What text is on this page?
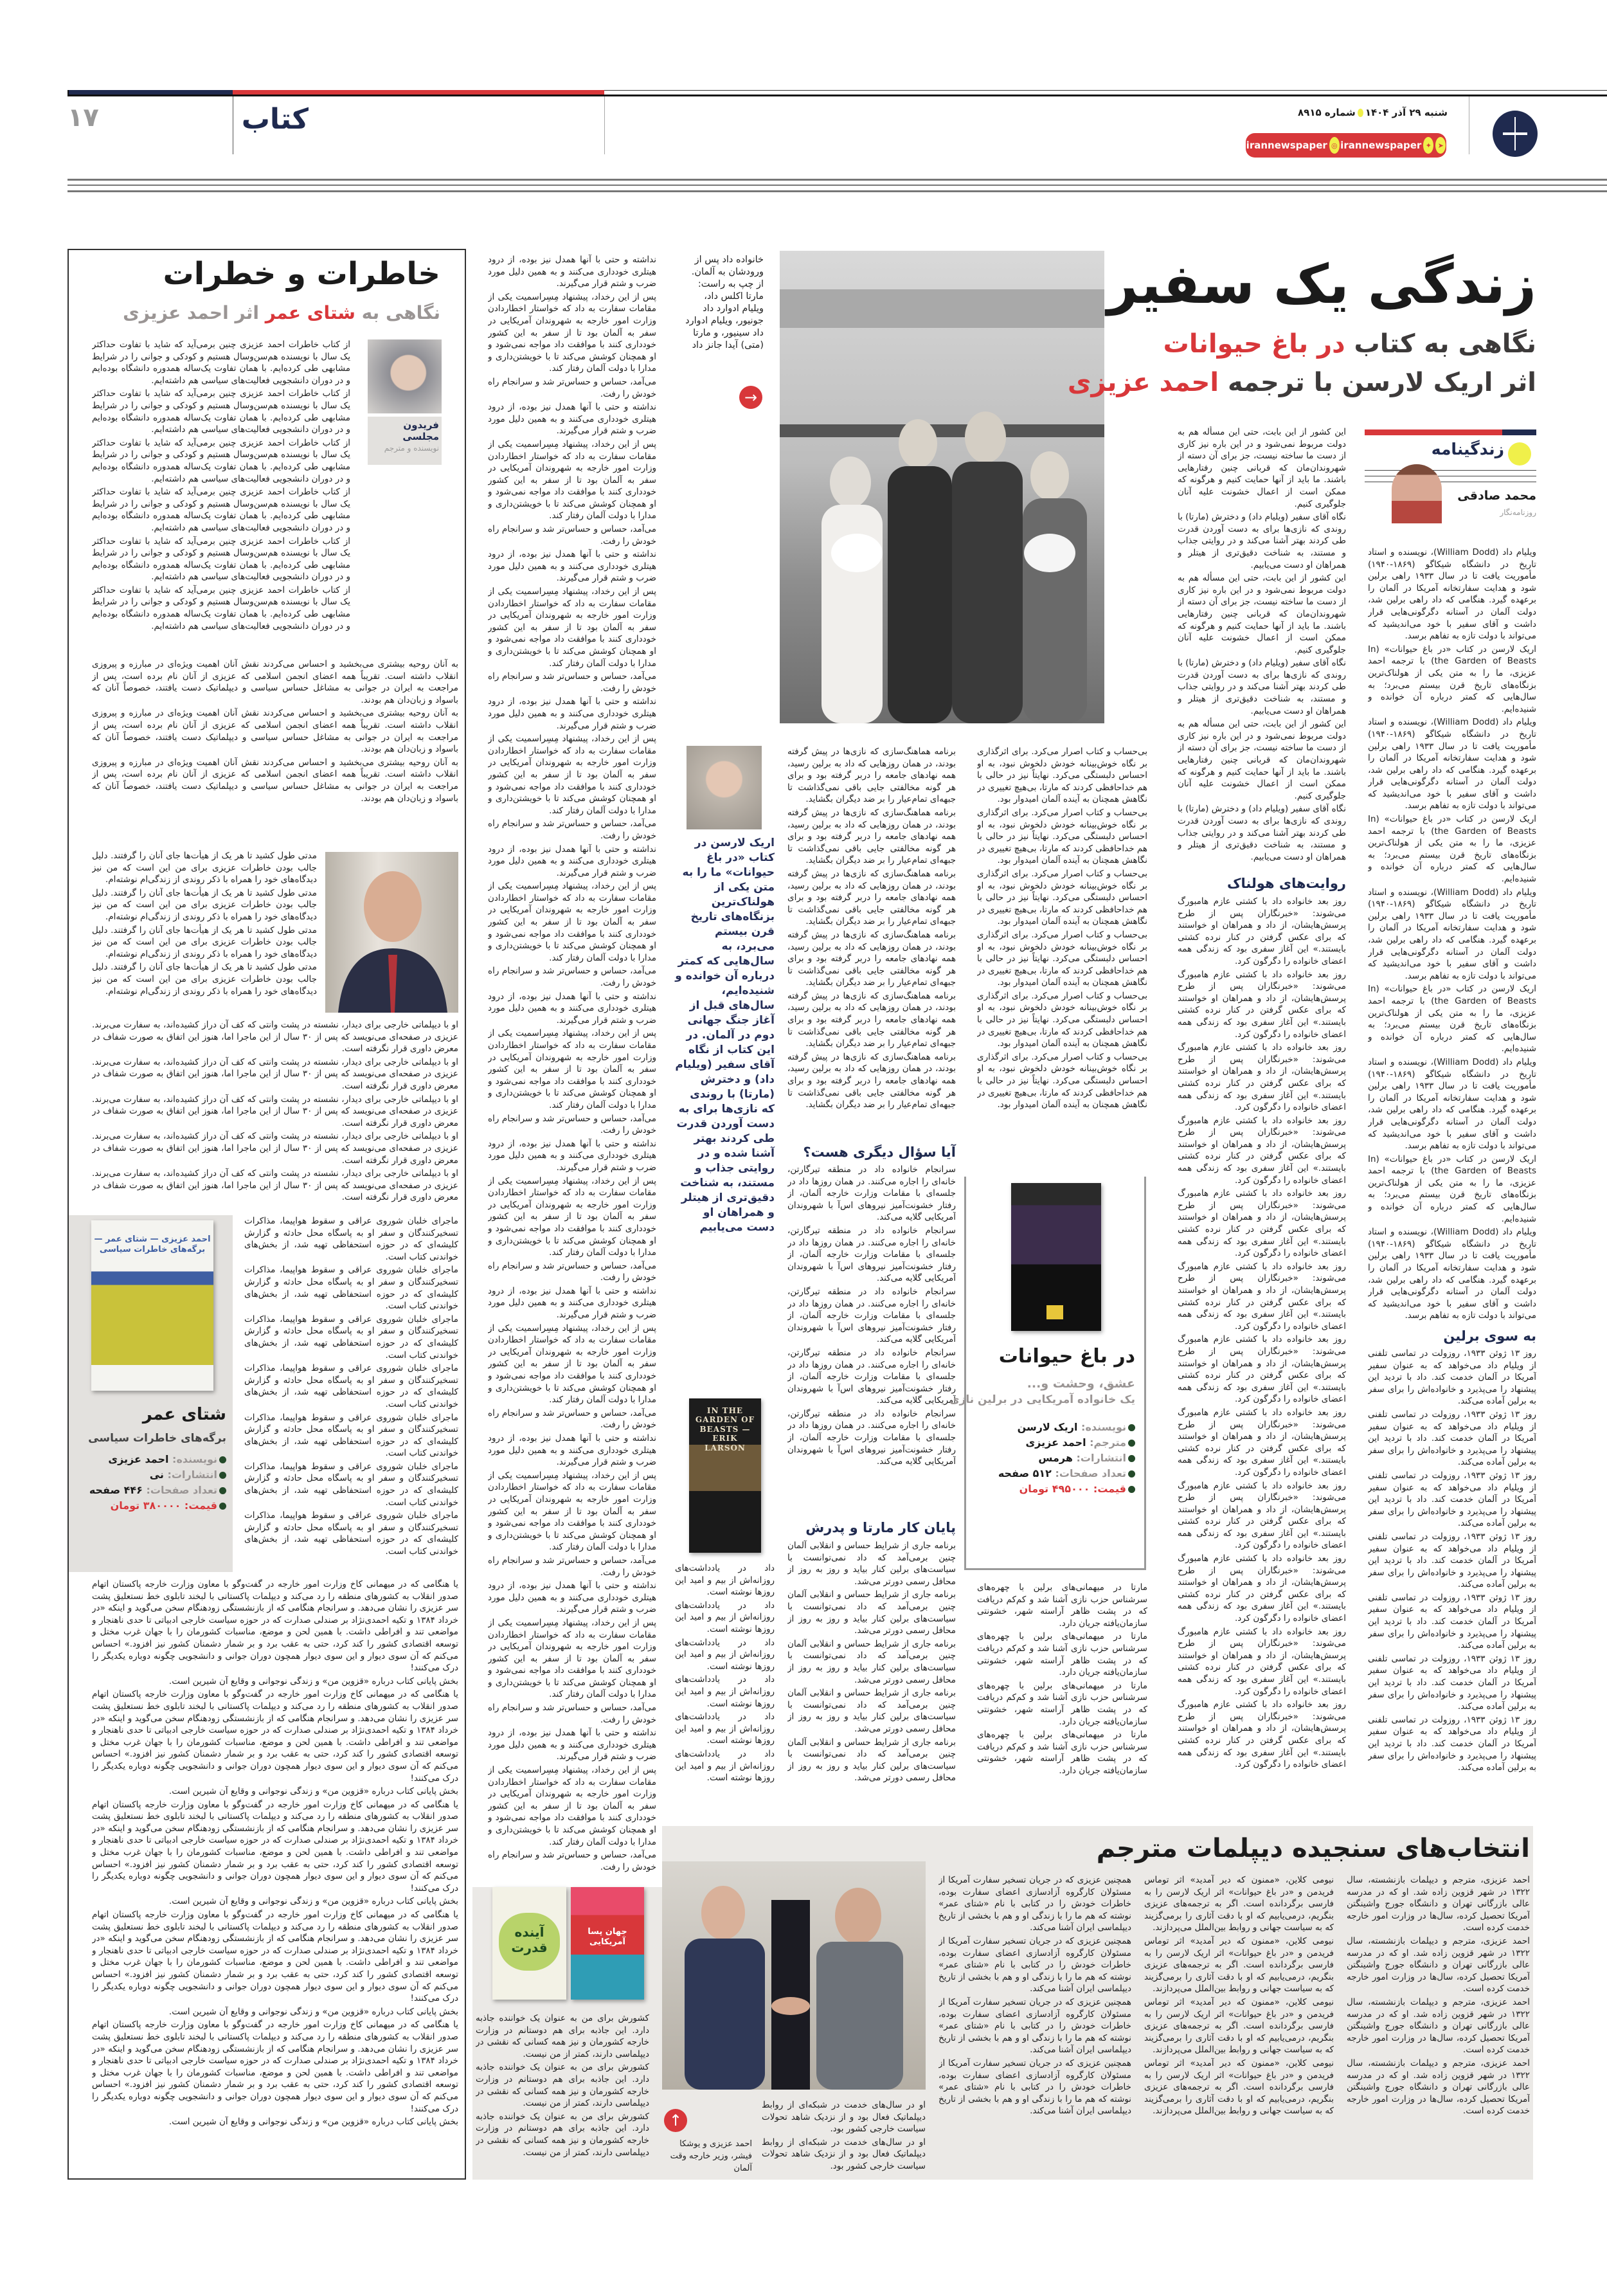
۱۷	کتاب	شنبه ۲۹ آذر ۱۴۰۴شماره ۸۹۱۵
➤
✦
irannewspaper
◎
irannewspaper
زندگی یک سفیر
نگاهی به کتاب در باغ حیوانات
اثر اریک لارسن با ترجمه احمد عزیزی
زندگینامه
محمد صادقی
روزنامه‌نگار

ویلیام داد (William Dodd)، نویسنده و استاد تاریخ در دانشگاه شیکاگو (۱۸۶۹-۱۹۴۰) مأموریت یافت تا در سال ۱۹۳۳ راهی برلین شود و هدایت سفارتخانه آمریکا در آلمان را برعهده گیرد. هنگامی که داد راهی برلین شد، دولت آلمان در آستانه دگرگونی‌هایی قرار داشت و آقای سفیر با خود می‌اندیشید که می‌تواند با دولت تازه به تفاهم برسد.

اریک لارسن در کتاب «در باغ حیوانات» (In the Garden of Beasts) با ترجمه احمد عزیزی، ما را به متن یکی از هولناک‌ترین بزنگاه‌های تاریخ قرن بیستم می‌برد؛ به سال‌هایی که کمتر درباره آن خوانده و شنیده‌ایم.

ویلیام داد (William Dodd)، نویسنده و استاد تاریخ در دانشگاه شیکاگو (۱۸۶۹-۱۹۴۰) مأموریت یافت تا در سال ۱۹۳۳ راهی برلین شود و هدایت سفارتخانه آمریکا در آلمان را برعهده گیرد. هنگامی که داد راهی برلین شد، دولت آلمان در آستانه دگرگونی‌هایی قرار داشت و آقای سفیر با خود می‌اندیشید که می‌تواند با دولت تازه به تفاهم برسد.

اریک لارسن در کتاب «در باغ حیوانات» (In the Garden of Beasts) با ترجمه احمد عزیزی، ما را به متن یکی از هولناک‌ترین بزنگاه‌های تاریخ قرن بیستم می‌برد؛ به سال‌هایی که کمتر درباره آن خوانده و شنیده‌ایم.

ویلیام داد (William Dodd)، نویسنده و استاد تاریخ در دانشگاه شیکاگو (۱۸۶۹-۱۹۴۰) مأموریت یافت تا در سال ۱۹۳۳ راهی برلین شود و هدایت سفارتخانه آمریکا در آلمان را برعهده گیرد. هنگامی که داد راهی برلین شد، دولت آلمان در آستانه دگرگونی‌هایی قرار داشت و آقای سفیر با خود می‌اندیشید که می‌تواند با دولت تازه به تفاهم برسد.

اریک لارسن در کتاب «در باغ حیوانات» (In the Garden of Beasts) با ترجمه احمد عزیزی، ما را به متن یکی از هولناک‌ترین بزنگاه‌های تاریخ قرن بیستم می‌برد؛ به سال‌هایی که کمتر درباره آن خوانده و شنیده‌ایم.

ویلیام داد (William Dodd)، نویسنده و استاد تاریخ در دانشگاه شیکاگو (۱۸۶۹-۱۹۴۰) مأموریت یافت تا در سال ۱۹۳۳ راهی برلین شود و هدایت سفارتخانه آمریکا در آلمان را برعهده گیرد. هنگامی که داد راهی برلین شد، دولت آلمان در آستانه دگرگونی‌هایی قرار داشت و آقای سفیر با خود می‌اندیشید که می‌تواند با دولت تازه به تفاهم برسد.

اریک لارسن در کتاب «در باغ حیوانات» (In the Garden of Beasts) با ترجمه احمد عزیزی، ما را به متن یکی از هولناک‌ترین بزنگاه‌های تاریخ قرن بیستم می‌برد؛ به سال‌هایی که کمتر درباره آن خوانده و شنیده‌ایم.

ویلیام داد (William Dodd)، نویسنده و استاد تاریخ در دانشگاه شیکاگو (۱۸۶۹-۱۹۴۰) مأموریت یافت تا در سال ۱۹۳۳ راهی برلین شود و هدایت سفارتخانه آمریکا در آلمان را برعهده گیرد. هنگامی که داد راهی برلین شد، دولت آلمان در آستانه دگرگونی‌هایی قرار داشت و آقای سفیر با خود می‌اندیشید که می‌تواند با دولت تازه به تفاهم برسد.

به سوی برلین

روز ۱۳ ژوئن ۱۹۳۳، روزولت در تماسی تلفنی از ویلیام داد می‌خواهد که به عنوان سفیر آمریکا در آلمان خدمت کند. داد با تردید این پیشنهاد را می‌پذیرد و خانواده‌اش را برای سفر به برلین آماده می‌کند.

روز ۱۳ ژوئن ۱۹۳۳، روزولت در تماسی تلفنی از ویلیام داد می‌خواهد که به عنوان سفیر آمریکا در آلمان خدمت کند. داد با تردید این پیشنهاد را می‌پذیرد و خانواده‌اش را برای سفر به برلین آماده می‌کند.

روز ۱۳ ژوئن ۱۹۳۳، روزولت در تماسی تلفنی از ویلیام داد می‌خواهد که به عنوان سفیر آمریکا در آلمان خدمت کند. داد با تردید این پیشنهاد را می‌پذیرد و خانواده‌اش را برای سفر به برلین آماده می‌کند.

روز ۱۳ ژوئن ۱۹۳۳، روزولت در تماسی تلفنی از ویلیام داد می‌خواهد که به عنوان سفیر آمریکا در آلمان خدمت کند. داد با تردید این پیشنهاد را می‌پذیرد و خانواده‌اش را برای سفر به برلین آماده می‌کند.

روز ۱۳ ژوئن ۱۹۳۳، روزولت در تماسی تلفنی از ویلیام داد می‌خواهد که به عنوان سفیر آمریکا در آلمان خدمت کند. داد با تردید این پیشنهاد را می‌پذیرد و خانواده‌اش را برای سفر به برلین آماده می‌کند.

روز ۱۳ ژوئن ۱۹۳۳، روزولت در تماسی تلفنی از ویلیام داد می‌خواهد که به عنوان سفیر آمریکا در آلمان خدمت کند. داد با تردید این پیشنهاد را می‌پذیرد و خانواده‌اش را برای سفر به برلین آماده می‌کند.

روز ۱۳ ژوئن ۱۹۳۳، روزولت در تماسی تلفنی از ویلیام داد می‌خواهد که به عنوان سفیر آمریکا در آلمان خدمت کند. داد با تردید این پیشنهاد را می‌پذیرد و خانواده‌اش را برای سفر به برلین آماده می‌کند.

این کشور از این بابت، حتی این مسأله هم به دولت مربوط نمی‌شود و در این باره نیز کاری از دست ما ساخته نیست، جز برای آن دسته از شهروندان‌مان که قربانی چنین رفتارهایی باشند. ما باید از آنها حمایت کنیم و هرگونه که ممکن است از اعمال خشونت علیه آنان جلوگیری کنیم.

نگاه آقای سفیر (ویلیام داد) و دخترش (مارتا) با روندی که نازی‌ها برای به دست آوردن قدرت طی کردند بهتر آشنا می‌کند و در روایتی جذاب و مستند، به شناخت دقیق‌تری از هیتلر و همراهان او دست می‌یابیم.

این کشور از این بابت، حتی این مسأله هم به دولت مربوط نمی‌شود و در این باره نیز کاری از دست ما ساخته نیست، جز برای آن دسته از شهروندان‌مان که قربانی چنین رفتارهایی باشند. ما باید از آنها حمایت کنیم و هرگونه که ممکن است از اعمال خشونت علیه آنان جلوگیری کنیم.

نگاه آقای سفیر (ویلیام داد) و دخترش (مارتا) با روندی که نازی‌ها برای به دست آوردن قدرت طی کردند بهتر آشنا می‌کند و در روایتی جذاب و مستند، به شناخت دقیق‌تری از هیتلر و همراهان او دست می‌یابیم.

این کشور از این بابت، حتی این مسأله هم به دولت مربوط نمی‌شود و در این باره نیز کاری از دست ما ساخته نیست، جز برای آن دسته از شهروندان‌مان که قربانی چنین رفتارهایی باشند. ما باید از آنها حمایت کنیم و هرگونه که ممکن است از اعمال خشونت علیه آنان جلوگیری کنیم.

نگاه آقای سفیر (ویلیام داد) و دخترش (مارتا) با روندی که نازی‌ها برای به دست آوردن قدرت طی کردند بهتر آشنا می‌کند و در روایتی جذاب و مستند، به شناخت دقیق‌تری از هیتلر و همراهان او دست می‌یابیم.

روایت‌های هولناک

روز بعد خانواده داد با کشتی عازم هامبورگ می‌شوند: «خبرنگاران پس از طرح پرسش‌هایشان، از داد و همراهان او خواستند که برای عکس گرفتن در کنار نرده کشتی بایستند.» این آغاز سفری بود که زندگی همه اعضای خانواده را دگرگون کرد.

روز بعد خانواده داد با کشتی عازم هامبورگ می‌شوند: «خبرنگاران پس از طرح پرسش‌هایشان، از داد و همراهان او خواستند که برای عکس گرفتن در کنار نرده کشتی بایستند.» این آغاز سفری بود که زندگی همه اعضای خانواده را دگرگون کرد.

روز بعد خانواده داد با کشتی عازم هامبورگ می‌شوند: «خبرنگاران پس از طرح پرسش‌هایشان، از داد و همراهان او خواستند که برای عکس گرفتن در کنار نرده کشتی بایستند.» این آغاز سفری بود که زندگی همه اعضای خانواده را دگرگون کرد.

روز بعد خانواده داد با کشتی عازم هامبورگ می‌شوند: «خبرنگاران پس از طرح پرسش‌هایشان، از داد و همراهان او خواستند که برای عکس گرفتن در کنار نرده کشتی بایستند.» این آغاز سفری بود که زندگی همه اعضای خانواده را دگرگون کرد.

روز بعد خانواده داد با کشتی عازم هامبورگ می‌شوند: «خبرنگاران پس از طرح پرسش‌هایشان، از داد و همراهان او خواستند که برای عکس گرفتن در کنار نرده کشتی بایستند.» این آغاز سفری بود که زندگی همه اعضای خانواده را دگرگون کرد.

روز بعد خانواده داد با کشتی عازم هامبورگ می‌شوند: «خبرنگاران پس از طرح پرسش‌هایشان، از داد و همراهان او خواستند که برای عکس گرفتن در کنار نرده کشتی بایستند.» این آغاز سفری بود که زندگی همه اعضای خانواده را دگرگون کرد.

روز بعد خانواده داد با کشتی عازم هامبورگ می‌شوند: «خبرنگاران پس از طرح پرسش‌هایشان، از داد و همراهان او خواستند که برای عکس گرفتن در کنار نرده کشتی بایستند.» این آغاز سفری بود که زندگی همه اعضای خانواده را دگرگون کرد.

روز بعد خانواده داد با کشتی عازم هامبورگ می‌شوند: «خبرنگاران پس از طرح پرسش‌هایشان، از داد و همراهان او خواستند که برای عکس گرفتن در کنار نرده کشتی بایستند.» این آغاز سفری بود که زندگی همه اعضای خانواده را دگرگون کرد.

روز بعد خانواده داد با کشتی عازم هامبورگ می‌شوند: «خبرنگاران پس از طرح پرسش‌هایشان، از داد و همراهان او خواستند که برای عکس گرفتن در کنار نرده کشتی بایستند.» این آغاز سفری بود که زندگی همه اعضای خانواده را دگرگون کرد.

روز بعد خانواده داد با کشتی عازم هامبورگ می‌شوند: «خبرنگاران پس از طرح پرسش‌هایشان، از داد و همراهان او خواستند که برای عکس گرفتن در کنار نرده کشتی بایستند.» این آغاز سفری بود که زندگی همه اعضای خانواده را دگرگون کرد.

روز بعد خانواده داد با کشتی عازم هامبورگ می‌شوند: «خبرنگاران پس از طرح پرسش‌هایشان، از داد و همراهان او خواستند که برای عکس گرفتن در کنار نرده کشتی بایستند.» این آغاز سفری بود که زندگی همه اعضای خانواده را دگرگون کرد.

روز بعد خانواده داد با کشتی عازم هامبورگ می‌شوند: «خبرنگاران پس از طرح پرسش‌هایشان، از داد و همراهان او خواستند که برای عکس گرفتن در کنار نرده کشتی بایستند.» این آغاز سفری بود که زندگی همه اعضای خانواده را دگرگون کرد.

بی‌حساب و کتاب اصرار می‌کرد. برای اثرگذاری بر نگاه خوش‌بینانه خودش دلخوش نبود، به او احساس دلبستگی می‌کرد. نهایتاً نیز در حالی با هم خداحافظی کردند که مارتا، بی‌هیچ تغییری در نگاهش همچنان به آینده آلمان امیدوار بود.

بی‌حساب و کتاب اصرار می‌کرد. برای اثرگذاری بر نگاه خوش‌بینانه خودش دلخوش نبود، به او احساس دلبستگی می‌کرد. نهایتاً نیز در حالی با هم خداحافظی کردند که مارتا، بی‌هیچ تغییری در نگاهش همچنان به آینده آلمان امیدوار بود.

بی‌حساب و کتاب اصرار می‌کرد. برای اثرگذاری بر نگاه خوش‌بینانه خودش دلخوش نبود، به او احساس دلبستگی می‌کرد. نهایتاً نیز در حالی با هم خداحافظی کردند که مارتا، بی‌هیچ تغییری در نگاهش همچنان به آینده آلمان امیدوار بود.

بی‌حساب و کتاب اصرار می‌کرد. برای اثرگذاری بر نگاه خوش‌بینانه خودش دلخوش نبود، به او احساس دلبستگی می‌کرد. نهایتاً نیز در حالی با هم خداحافظی کردند که مارتا، بی‌هیچ تغییری در نگاهش همچنان به آینده آلمان امیدوار بود.

بی‌حساب و کتاب اصرار می‌کرد. برای اثرگذاری بر نگاه خوش‌بینانه خودش دلخوش نبود، به او احساس دلبستگی می‌کرد. نهایتاً نیز در حالی با هم خداحافظی کردند که مارتا، بی‌هیچ تغییری در نگاهش همچنان به آینده آلمان امیدوار بود.

بی‌حساب و کتاب اصرار می‌کرد. برای اثرگذاری بر نگاه خوش‌بینانه خودش دلخوش نبود، به او احساس دلبستگی می‌کرد. نهایتاً نیز در حالی با هم خداحافظی کردند که مارتا، بی‌هیچ تغییری در نگاهش همچنان به آینده آلمان امیدوار بود.

مارتا در میهمانی‌های برلین با چهره‌های سرشناس حزب نازی آشنا شد و کم‌کم دریافت که در پشت ظاهر آراسته شهر، خشونتی سازمان‌یافته جریان دارد.

مارتا در میهمانی‌های برلین با چهره‌های سرشناس حزب نازی آشنا شد و کم‌کم دریافت که در پشت ظاهر آراسته شهر، خشونتی سازمان‌یافته جریان دارد.

مارتا در میهمانی‌های برلین با چهره‌های سرشناس حزب نازی آشنا شد و کم‌کم دریافت که در پشت ظاهر آراسته شهر، خشونتی سازمان‌یافته جریان دارد.

مارتا در میهمانی‌های برلین با چهره‌های سرشناس حزب نازی آشنا شد و کم‌کم دریافت که در پشت ظاهر آراسته شهر، خشونتی سازمان‌یافته جریان دارد.

برنامه هماهنگ‌سازی که نازی‌ها در پیش گرفته بودند، در همان روزهایی که داد به برلین رسید، همه نهادهای جامعه را دربر گرفته بود و برای هر گونه مخالفتی جایی باقی نمی‌گذاشت تا جبهه‌ای تمام‌عیار را بر ضد دیگران بگشاید.

برنامه هماهنگ‌سازی که نازی‌ها در پیش گرفته بودند، در همان روزهایی که داد به برلین رسید، همه نهادهای جامعه را دربر گرفته بود و برای هر گونه مخالفتی جایی باقی نمی‌گذاشت تا جبهه‌ای تمام‌عیار را بر ضد دیگران بگشاید.

برنامه هماهنگ‌سازی که نازی‌ها در پیش گرفته بودند، در همان روزهایی که داد به برلین رسید، همه نهادهای جامعه را دربر گرفته بود و برای هر گونه مخالفتی جایی باقی نمی‌گذاشت تا جبهه‌ای تمام‌عیار را بر ضد دیگران بگشاید.

برنامه هماهنگ‌سازی که نازی‌ها در پیش گرفته بودند، در همان روزهایی که داد به برلین رسید، همه نهادهای جامعه را دربر گرفته بود و برای هر گونه مخالفتی جایی باقی نمی‌گذاشت تا جبهه‌ای تمام‌عیار را بر ضد دیگران بگشاید.

برنامه هماهنگ‌سازی که نازی‌ها در پیش گرفته بودند، در همان روزهایی که داد به برلین رسید، همه نهادهای جامعه را دربر گرفته بود و برای هر گونه مخالفتی جایی باقی نمی‌گذاشت تا جبهه‌ای تمام‌عیار را بر ضد دیگران بگشاید.

برنامه هماهنگ‌سازی که نازی‌ها در پیش گرفته بودند، در همان روزهایی که داد به برلین رسید، همه نهادهای جامعه را دربر گرفته بود و برای هر گونه مخالفتی جایی باقی نمی‌گذاشت تا جبهه‌ای تمام‌عیار را بر ضد دیگران بگشاید.

آیا سؤال دیگری هست؟

سرانجام خانواده داد در منطقه تیرگارتن، خانه‌ای را اجاره می‌کنند. در همان روزها داد در جلسه‌ای با مقامات وزارت خارجه آلمان، از رفتار خشونت‌آمیز نیروهای اس‌آ با شهروندان آمریکایی گلایه می‌کند.

سرانجام خانواده داد در منطقه تیرگارتن، خانه‌ای را اجاره می‌کنند. در همان روزها داد در جلسه‌ای با مقامات وزارت خارجه آلمان، از رفتار خشونت‌آمیز نیروهای اس‌آ با شهروندان آمریکایی گلایه می‌کند.

سرانجام خانواده داد در منطقه تیرگارتن، خانه‌ای را اجاره می‌کنند. در همان روزها داد در جلسه‌ای با مقامات وزارت خارجه آلمان، از رفتار خشونت‌آمیز نیروهای اس‌آ با شهروندان آمریکایی گلایه می‌کند.

سرانجام خانواده داد در منطقه تیرگارتن، خانه‌ای را اجاره می‌کنند. در همان روزها داد در جلسه‌ای با مقامات وزارت خارجه آلمان، از رفتار خشونت‌آمیز نیروهای اس‌آ با شهروندان آمریکایی گلایه می‌کند.

سرانجام خانواده داد در منطقه تیرگارتن، خانه‌ای را اجاره می‌کنند. در همان روزها داد در جلسه‌ای با مقامات وزارت خارجه آلمان، از رفتار خشونت‌آمیز نیروهای اس‌آ با شهروندان آمریکایی گلایه می‌کند.

پایان کار مارتا و پدرش

برنامه جاری از شرایط حساس و انقلابی آلمان چنین برمی‌آمد که داد نمی‌توانست با سیاست‌های برلین کنار بیاید و روز به روز از محافل رسمی دورتر می‌شد.

برنامه جاری از شرایط حساس و انقلابی آلمان چنین برمی‌آمد که داد نمی‌توانست با سیاست‌های برلین کنار بیاید و روز به روز از محافل رسمی دورتر می‌شد.

برنامه جاری از شرایط حساس و انقلابی آلمان چنین برمی‌آمد که داد نمی‌توانست با سیاست‌های برلین کنار بیاید و روز به روز از محافل رسمی دورتر می‌شد.

برنامه جاری از شرایط حساس و انقلابی آلمان چنین برمی‌آمد که داد نمی‌توانست با سیاست‌های برلین کنار بیاید و روز به روز از محافل رسمی دورتر می‌شد.

برنامه جاری از شرایط حساس و انقلابی آلمان چنین برمی‌آمد که داد نمی‌توانست با سیاست‌های برلین کنار بیاید و روز به روز از محافل رسمی دورتر می‌شد.

نداشته و حتی با آنها همدل نیز بوده، از درود هیتلری خودداری می‌کنند و به همین دلیل مورد ضرب و شتم قرار می‌گیرند.

پس از این رخداد، پیشنهاد مِسِراسمیت یکی از مقامات سفارت به داد که خواستار اخطاردادن وزارت امور خارجه به شهروندان آمریکایی در سفر به آلمان بود تا از سفر به این کشور خودداری کنند با موافقت داد مواجه نمی‌شود و او همچنان کوشش می‌کند تا با خویشتن‌داری و مدارا با دولت آلمان رفتار کند.

می‌آمد، حساس و حساس‌تر شد و سرانجام راه خودش را رفت.

نداشته و حتی با آنها همدل نیز بوده، از درود هیتلری خودداری می‌کنند و به همین دلیل مورد ضرب و شتم قرار می‌گیرند.

پس از این رخداد، پیشنهاد مِسِراسمیت یکی از مقامات سفارت به داد که خواستار اخطاردادن وزارت امور خارجه به شهروندان آمریکایی در سفر به آلمان بود تا از سفر به این کشور خودداری کنند با موافقت داد مواجه نمی‌شود و او همچنان کوشش می‌کند تا با خویشتن‌داری و مدارا با دولت آلمان رفتار کند.

می‌آمد، حساس و حساس‌تر شد و سرانجام راه خودش را رفت.

نداشته و حتی با آنها همدل نیز بوده، از درود هیتلری خودداری می‌کنند و به همین دلیل مورد ضرب و شتم قرار می‌گیرند.

پس از این رخداد، پیشنهاد مِسِراسمیت یکی از مقامات سفارت به داد که خواستار اخطاردادن وزارت امور خارجه به شهروندان آمریکایی در سفر به آلمان بود تا از سفر به این کشور خودداری کنند با موافقت داد مواجه نمی‌شود و او همچنان کوشش می‌کند تا با خویشتن‌داری و مدارا با دولت آلمان رفتار کند.

می‌آمد، حساس و حساس‌تر شد و سرانجام راه خودش را رفت.

نداشته و حتی با آنها همدل نیز بوده، از درود هیتلری خودداری می‌کنند و به همین دلیل مورد ضرب و شتم قرار می‌گیرند.

پس از این رخداد، پیشنهاد مِسِراسمیت یکی از مقامات سفارت به داد که خواستار اخطاردادن وزارت امور خارجه به شهروندان آمریکایی در سفر به آلمان بود تا از سفر به این کشور خودداری کنند با موافقت داد مواجه نمی‌شود و او همچنان کوشش می‌کند تا با خویشتن‌داری و مدارا با دولت آلمان رفتار کند.

می‌آمد، حساس و حساس‌تر شد و سرانجام راه خودش را رفت.

نداشته و حتی با آنها همدل نیز بوده، از درود هیتلری خودداری می‌کنند و به همین دلیل مورد ضرب و شتم قرار می‌گیرند.

پس از این رخداد، پیشنهاد مِسِراسمیت یکی از مقامات سفارت به داد که خواستار اخطاردادن وزارت امور خارجه به شهروندان آمریکایی در سفر به آلمان بود تا از سفر به این کشور خودداری کنند با موافقت داد مواجه نمی‌شود و او همچنان کوشش می‌کند تا با خویشتن‌داری و مدارا با دولت آلمان رفتار کند.

می‌آمد، حساس و حساس‌تر شد و سرانجام راه خودش را رفت.

نداشته و حتی با آنها همدل نیز بوده، از درود هیتلری خودداری می‌کنند و به همین دلیل مورد ضرب و شتم قرار می‌گیرند.

پس از این رخداد، پیشنهاد مِسِراسمیت یکی از مقامات سفارت به داد که خواستار اخطاردادن وزارت امور خارجه به شهروندان آمریکایی در سفر به آلمان بود تا از سفر به این کشور خودداری کنند با موافقت داد مواجه نمی‌شود و او همچنان کوشش می‌کند تا با خویشتن‌داری و مدارا با دولت آلمان رفتار کند.

می‌آمد، حساس و حساس‌تر شد و سرانجام راه خودش را رفت.

نداشته و حتی با آنها همدل نیز بوده، از درود هیتلری خودداری می‌کنند و به همین دلیل مورد ضرب و شتم قرار می‌گیرند.

پس از این رخداد، پیشنهاد مِسِراسمیت یکی از مقامات سفارت به داد که خواستار اخطاردادن وزارت امور خارجه به شهروندان آمریکایی در سفر به آلمان بود تا از سفر به این کشور خودداری کنند با موافقت داد مواجه نمی‌شود و او همچنان کوشش می‌کند تا با خویشتن‌داری و مدارا با دولت آلمان رفتار کند.

می‌آمد، حساس و حساس‌تر شد و سرانجام راه خودش را رفت.

نداشته و حتی با آنها همدل نیز بوده، از درود هیتلری خودداری می‌کنند و به همین دلیل مورد ضرب و شتم قرار می‌گیرند.

پس از این رخداد، پیشنهاد مِسِراسمیت یکی از مقامات سفارت به داد که خواستار اخطاردادن وزارت امور خارجه به شهروندان آمریکایی در سفر به آلمان بود تا از سفر به این کشور خودداری کنند با موافقت داد مواجه نمی‌شود و او همچنان کوشش می‌کند تا با خویشتن‌داری و مدارا با دولت آلمان رفتار کند.

می‌آمد، حساس و حساس‌تر شد و سرانجام راه خودش را رفت.

نداشته و حتی با آنها همدل نیز بوده، از درود هیتلری خودداری می‌کنند و به همین دلیل مورد ضرب و شتم قرار می‌گیرند.

پس از این رخداد، پیشنهاد مِسِراسمیت یکی از مقامات سفارت به داد که خواستار اخطاردادن وزارت امور خارجه به شهروندان آمریکایی در سفر به آلمان بود تا از سفر به این کشور خودداری کنند با موافقت داد مواجه نمی‌شود و او همچنان کوشش می‌کند تا با خویشتن‌داری و مدارا با دولت آلمان رفتار کند.

می‌آمد، حساس و حساس‌تر شد و سرانجام راه خودش را رفت.

نداشته و حتی با آنها همدل نیز بوده، از درود هیتلری خودداری می‌کنند و به همین دلیل مورد ضرب و شتم قرار می‌گیرند.

پس از این رخداد، پیشنهاد مِسِراسمیت یکی از مقامات سفارت به داد که خواستار اخطاردادن وزارت امور خارجه به شهروندان آمریکایی در سفر به آلمان بود تا از سفر به این کشور خودداری کنند با موافقت داد مواجه نمی‌شود و او همچنان کوشش می‌کند تا با خویشتن‌داری و مدارا با دولت آلمان رفتار کند.

می‌آمد، حساس و حساس‌تر شد و سرانجام راه خودش را رفت.

نداشته و حتی با آنها همدل نیز بوده، از درود هیتلری خودداری می‌کنند و به همین دلیل مورد ضرب و شتم قرار می‌گیرند.

پس از این رخداد، پیشنهاد مِسِراسمیت یکی از مقامات سفارت به داد که خواستار اخطاردادن وزارت امور خارجه به شهروندان آمریکایی در سفر به آلمان بود تا از سفر به این کشور خودداری کنند با موافقت داد مواجه نمی‌شود و او همچنان کوشش می‌کند تا با خویشتن‌داری و مدارا با دولت آلمان رفتار کند.

می‌آمد، حساس و حساس‌تر شد و سرانجام راه خودش را رفت.

خانواده داد پس از ورودشان به آلمان. از چپ به راست: مارتا اکلس داد، ویلیام ادوارد داد جونیور، ویلیام ادوارد داد سینیور، و مارتا (متی) آیدا جانز داد
→
اریک لارسن در کتاب «در باغ حیوانات» ما را به متن یکی از هولناک‌ترین بزنگاه‌های تاریخ قرن بیستم می‌برد، به سال‌هایی که کمتر درباره آن خوانده و شنیده‌ایم، سال‌های قبل از آغاز جنگ جهانی دوم در آلمان. در این کتاب از نگاه آقای سفیر (ویلیام داد) و دخترش (مارتا) با روندی که نازی‌ها برای به دست آوردن قدرت طی کردند بهتر آشنا شده و در روایتی جذاب و مستند، به شناخت دقیق‌تری از هیتلر و همراهان او دست می‌یابیم
IN THE GARDEN OF BEASTS — ERIK LARSON

داد در یادداشت‌های روزانه‌اش از بیم و امید این روزها نوشته است.

داد در یادداشت‌های روزانه‌اش از بیم و امید این روزها نوشته است.

داد در یادداشت‌های روزانه‌اش از بیم و امید این روزها نوشته است.

داد در یادداشت‌های روزانه‌اش از بیم و امید این روزها نوشته است.

داد در یادداشت‌های روزانه‌اش از بیم و امید این روزها نوشته است.

داد در یادداشت‌های روزانه‌اش از بیم و امید این روزها نوشته است.

در باغ حیوانات
عشق، وحشت و...
یک خانواده آمریکایی در برلین نازی
نویسنده: اریک لارسن
مترجم: احمد عزیزی
انتشارات: هرمس
تعداد صفحات: ۵۱۲ صفحه
قیمت: ۴۹۵۰۰۰ تومان
خاطرات و خطرات
نگاهی به شتای عمر اثر احمد عزیزی
فریدون مجلسی
نویسنده و مترجم

از کتاب خاطرات احمد عزیزی چنین برمی‌آید که شاید با تفاوت حداکثر یک سال با نویسنده هم‌سن‌وسال هستیم و کودکی و جوانی را در شرایط مشابهی طی کرده‌ایم. با همان تفاوت یک‌ساله همدوره دانشگاه بوده‌ایم و در دوران دانشجویی فعالیت‌های سیاسی هم داشته‌ایم.

از کتاب خاطرات احمد عزیزی چنین برمی‌آید که شاید با تفاوت حداکثر یک سال با نویسنده هم‌سن‌وسال هستیم و کودکی و جوانی را در شرایط مشابهی طی کرده‌ایم. با همان تفاوت یک‌ساله همدوره دانشگاه بوده‌ایم و در دوران دانشجویی فعالیت‌های سیاسی هم داشته‌ایم.

از کتاب خاطرات احمد عزیزی چنین برمی‌آید که شاید با تفاوت حداکثر یک سال با نویسنده هم‌سن‌وسال هستیم و کودکی و جوانی را در شرایط مشابهی طی کرده‌ایم. با همان تفاوت یک‌ساله همدوره دانشگاه بوده‌ایم و در دوران دانشجویی فعالیت‌های سیاسی هم داشته‌ایم.

از کتاب خاطرات احمد عزیزی چنین برمی‌آید که شاید با تفاوت حداکثر یک سال با نویسنده هم‌سن‌وسال هستیم و کودکی و جوانی را در شرایط مشابهی طی کرده‌ایم. با همان تفاوت یک‌ساله همدوره دانشگاه بوده‌ایم و در دوران دانشجویی فعالیت‌های سیاسی هم داشته‌ایم.

از کتاب خاطرات احمد عزیزی چنین برمی‌آید که شاید با تفاوت حداکثر یک سال با نویسنده هم‌سن‌وسال هستیم و کودکی و جوانی را در شرایط مشابهی طی کرده‌ایم. با همان تفاوت یک‌ساله همدوره دانشگاه بوده‌ایم و در دوران دانشجویی فعالیت‌های سیاسی هم داشته‌ایم.

از کتاب خاطرات احمد عزیزی چنین برمی‌آید که شاید با تفاوت حداکثر یک سال با نویسنده هم‌سن‌وسال هستیم و کودکی و جوانی را در شرایط مشابهی طی کرده‌ایم. با همان تفاوت یک‌ساله همدوره دانشگاه بوده‌ایم و در دوران دانشجویی فعالیت‌های سیاسی هم داشته‌ایم.

به آنان روحیه بیشتری می‌بخشید و احساس می‌کردند نقش آنان اهمیت ویژه‌ای در مبارزه و پیروزی انقلاب داشته است. تقریباً همه اعضای انجمن اسلامی که عزیزی از آنان نام برده است، پس از مراجعت به ایران در جوانی به مشاغل حساس سیاسی و دیپلماتیک دست یافتند، خصوصاً آنان که باسواد و زبان‌دان هم بودند.

به آنان روحیه بیشتری می‌بخشید و احساس می‌کردند نقش آنان اهمیت ویژه‌ای در مبارزه و پیروزی انقلاب داشته است. تقریباً همه اعضای انجمن اسلامی که عزیزی از آنان نام برده است، پس از مراجعت به ایران در جوانی به مشاغل حساس سیاسی و دیپلماتیک دست یافتند، خصوصاً آنان که باسواد و زبان‌دان هم بودند.

به آنان روحیه بیشتری می‌بخشید و احساس می‌کردند نقش آنان اهمیت ویژه‌ای در مبارزه و پیروزی انقلاب داشته است. تقریباً همه اعضای انجمن اسلامی که عزیزی از آنان نام برده است، پس از مراجعت به ایران در جوانی به مشاغل حساس سیاسی و دیپلماتیک دست یافتند، خصوصاً آنان که باسواد و زبان‌دان هم بودند.

مدتی طول کشید تا هر یک از هیأت‌ها جای آنان را گرفتند. دلیل جالب بودن خاطرات عزیزی برای من این است که من نیز دیدگاه‌های خود را همراه با ذکر روندی از زندگی‌ام نوشته‌ام.

مدتی طول کشید تا هر یک از هیأت‌ها جای آنان را گرفتند. دلیل جالب بودن خاطرات عزیزی برای من این است که من نیز دیدگاه‌های خود را همراه با ذکر روندی از زندگی‌ام نوشته‌ام.

مدتی طول کشید تا هر یک از هیأت‌ها جای آنان را گرفتند. دلیل جالب بودن خاطرات عزیزی برای من این است که من نیز دیدگاه‌های خود را همراه با ذکر روندی از زندگی‌ام نوشته‌ام.

مدتی طول کشید تا هر یک از هیأت‌ها جای آنان را گرفتند. دلیل جالب بودن خاطرات عزیزی برای من این است که من نیز دیدگاه‌های خود را همراه با ذکر روندی از زندگی‌ام نوشته‌ام.

او با دیپلماتی خارجی برای دیدار، نشسته در پشت وانتی که کف آن دراز کشیده‌اند، به سفارت می‌برند. عزیزی در صفحه‌ای می‌نویسد که پس از ۳۰ سال از این ماجرا اما، هنوز این اتفاق به صورت شفاف در معرض داوری قرار نگرفته است.

او با دیپلماتی خارجی برای دیدار، نشسته در پشت وانتی که کف آن دراز کشیده‌اند، به سفارت می‌برند. عزیزی در صفحه‌ای می‌نویسد که پس از ۳۰ سال از این ماجرا اما، هنوز این اتفاق به صورت شفاف در معرض داوری قرار نگرفته است.

او با دیپلماتی خارجی برای دیدار، نشسته در پشت وانتی که کف آن دراز کشیده‌اند، به سفارت می‌برند. عزیزی در صفحه‌ای می‌نویسد که پس از ۳۰ سال از این ماجرا اما، هنوز این اتفاق به صورت شفاف در معرض داوری قرار نگرفته است.

او با دیپلماتی خارجی برای دیدار، نشسته در پشت وانتی که کف آن دراز کشیده‌اند، به سفارت می‌برند. عزیزی در صفحه‌ای می‌نویسد که پس از ۳۰ سال از این ماجرا اما، هنوز این اتفاق به صورت شفاف در معرض داوری قرار نگرفته است.

او با دیپلماتی خارجی برای دیدار، نشسته در پشت وانتی که کف آن دراز کشیده‌اند، به سفارت می‌برند. عزیزی در صفحه‌ای می‌نویسد که پس از ۳۰ سال از این ماجرا اما، هنوز این اتفاق به صورت شفاف در معرض داوری قرار نگرفته است.

احمد عزیزی — شتای عمر — برگه‌های خاطرات سیاسی
شتای عمر
برگه‌های خاطرات سیاسی
نویسنده: احمد عزیزی
انتشارات: نی
تعداد صفحات: ۴۴۶ صفحه
قیمت: ۳۸۰۰۰۰ تومان

ماجرای خلبان شوروی عراقی و سقوط هواپیما، مذاکرات تسخیرکنندگان و سفر او به پاسگاه محل حادثه و گزارش کلیشه‌ای که در حوزه استحفاظی تهیه شد، از بخش‌های خواندنی کتاب است.

ماجرای خلبان شوروی عراقی و سقوط هواپیما، مذاکرات تسخیرکنندگان و سفر او به پاسگاه محل حادثه و گزارش کلیشه‌ای که در حوزه استحفاظی تهیه شد، از بخش‌های خواندنی کتاب است.

ماجرای خلبان شوروی عراقی و سقوط هواپیما، مذاکرات تسخیرکنندگان و سفر او به پاسگاه محل حادثه و گزارش کلیشه‌ای که در حوزه استحفاظی تهیه شد، از بخش‌های خواندنی کتاب است.

ماجرای خلبان شوروی عراقی و سقوط هواپیما، مذاکرات تسخیرکنندگان و سفر او به پاسگاه محل حادثه و گزارش کلیشه‌ای که در حوزه استحفاظی تهیه شد، از بخش‌های خواندنی کتاب است.

ماجرای خلبان شوروی عراقی و سقوط هواپیما، مذاکرات تسخیرکنندگان و سفر او به پاسگاه محل حادثه و گزارش کلیشه‌ای که در حوزه استحفاظی تهیه شد، از بخش‌های خواندنی کتاب است.

ماجرای خلبان شوروی عراقی و سقوط هواپیما، مذاکرات تسخیرکنندگان و سفر او به پاسگاه محل حادثه و گزارش کلیشه‌ای که در حوزه استحفاظی تهیه شد، از بخش‌های خواندنی کتاب است.

ماجرای خلبان شوروی عراقی و سقوط هواپیما، مذاکرات تسخیرکنندگان و سفر او به پاسگاه محل حادثه و گزارش کلیشه‌ای که در حوزه استحفاظی تهیه شد، از بخش‌های خواندنی کتاب است.

یا هنگامی که در میهمانی کاخ وزارت امور خارجه در گفت‌وگو با معاون وزارت خارجه پاکستان اتهام صدور انقلاب به کشورهای منطقه را رد می‌کند و دیپلمات پاکستانی با لبخند تابلوی خط نستعلیق پشت سر عزیزی را نشان می‌دهد. و سرانجام هنگامی که از بازنشستگی زودهنگام سخن می‌گوید و اینکه «در خرداد ۱۳۸۴ و تکیه احمدی‌نژاد بر صندلی صدارت که در حوزه سیاست خارجی ادبیاتی تا حدی ناهنجار و مواضعی تند و افراطی داشت. با همین لحن و موضع، مناسبات کشورمان را با جهان غرب مختل و توسعه اقتصادی کشور را کند کرد، حتی به عقب برد و بر شمار دشمنان کشور نیز افزود.» احساس می‌کنم که آن سوی دیوار و این سوی دیوار همچون دوران جوانی و دانشجویی چگونه دوباره یکدیگر را درک می‌کنند!

بخش پایانی کتاب درباره «قزوین من» و زندگی نوجوانی و وقایع آن شیرین است.

یا هنگامی که در میهمانی کاخ وزارت امور خارجه در گفت‌وگو با معاون وزارت خارجه پاکستان اتهام صدور انقلاب به کشورهای منطقه را رد می‌کند و دیپلمات پاکستانی با لبخند تابلوی خط نستعلیق پشت سر عزیزی را نشان می‌دهد. و سرانجام هنگامی که از بازنشستگی زودهنگام سخن می‌گوید و اینکه «در خرداد ۱۳۸۴ و تکیه احمدی‌نژاد بر صندلی صدارت که در حوزه سیاست خارجی ادبیاتی تا حدی ناهنجار و مواضعی تند و افراطی داشت. با همین لحن و موضع، مناسبات کشورمان را با جهان غرب مختل و توسعه اقتصادی کشور را کند کرد، حتی به عقب برد و بر شمار دشمنان کشور نیز افزود.» احساس می‌کنم که آن سوی دیوار و این سوی دیوار همچون دوران جوانی و دانشجویی چگونه دوباره یکدیگر را درک می‌کنند!

بخش پایانی کتاب درباره «قزوین من» و زندگی نوجوانی و وقایع آن شیرین است.

یا هنگامی که در میهمانی کاخ وزارت امور خارجه در گفت‌وگو با معاون وزارت خارجه پاکستان اتهام صدور انقلاب به کشورهای منطقه را رد می‌کند و دیپلمات پاکستانی با لبخند تابلوی خط نستعلیق پشت سر عزیزی را نشان می‌دهد. و سرانجام هنگامی که از بازنشستگی زودهنگام سخن می‌گوید و اینکه «در خرداد ۱۳۸۴ و تکیه احمدی‌نژاد بر صندلی صدارت که در حوزه سیاست خارجی ادبیاتی تا حدی ناهنجار و مواضعی تند و افراطی داشت. با همین لحن و موضع، مناسبات کشورمان را با جهان غرب مختل و توسعه اقتصادی کشور را کند کرد، حتی به عقب برد و بر شمار دشمنان کشور نیز افزود.» احساس می‌کنم که آن سوی دیوار و این سوی دیوار همچون دوران جوانی و دانشجویی چگونه دوباره یکدیگر را درک می‌کنند!

بخش پایانی کتاب درباره «قزوین من» و زندگی نوجوانی و وقایع آن شیرین است.

یا هنگامی که در میهمانی کاخ وزارت امور خارجه در گفت‌وگو با معاون وزارت خارجه پاکستان اتهام صدور انقلاب به کشورهای منطقه را رد می‌کند و دیپلمات پاکستانی با لبخند تابلوی خط نستعلیق پشت سر عزیزی را نشان می‌دهد. و سرانجام هنگامی که از بازنشستگی زودهنگام سخن می‌گوید و اینکه «در خرداد ۱۳۸۴ و تکیه احمدی‌نژاد بر صندلی صدارت که در حوزه سیاست خارجی ادبیاتی تا حدی ناهنجار و مواضعی تند و افراطی داشت. با همین لحن و موضع، مناسبات کشورمان را با جهان غرب مختل و توسعه اقتصادی کشور را کند کرد، حتی به عقب برد و بر شمار دشمنان کشور نیز افزود.» احساس می‌کنم که آن سوی دیوار و این سوی دیوار همچون دوران جوانی و دانشجویی چگونه دوباره یکدیگر را درک می‌کنند!

بخش پایانی کتاب درباره «قزوین من» و زندگی نوجوانی و وقایع آن شیرین است.

یا هنگامی که در میهمانی کاخ وزارت امور خارجه در گفت‌وگو با معاون وزارت خارجه پاکستان اتهام صدور انقلاب به کشورهای منطقه را رد می‌کند و دیپلمات پاکستانی با لبخند تابلوی خط نستعلیق پشت سر عزیزی را نشان می‌دهد. و سرانجام هنگامی که از بازنشستگی زودهنگام سخن می‌گوید و اینکه «در خرداد ۱۳۸۴ و تکیه احمدی‌نژاد بر صندلی صدارت که در حوزه سیاست خارجی ادبیاتی تا حدی ناهنجار و مواضعی تند و افراطی داشت. با همین لحن و موضع، مناسبات کشورمان را با جهان غرب مختل و توسعه اقتصادی کشور را کند کرد، حتی به عقب برد و بر شمار دشمنان کشور نیز افزود.» احساس می‌کنم که آن سوی دیوار و این سوی دیوار همچون دوران جوانی و دانشجویی چگونه دوباره یکدیگر را درک می‌کنند!

بخش پایانی کتاب درباره «قزوین من» و زندگی نوجوانی و وقایع آن شیرین است.

انتخاب‌های سنجیده دیپلمات مترجم

احمد عزیزی، مترجم و دیپلمات بازنشسته، سال ۱۳۲۲ در شهر قزوین زاده شد. او که در مدرسه عالی بازرگانی تهران و دانشگاه جورج واشینگتن آمریکا تحصیل کرده، سال‌ها در وزارت امور خارجه خدمت کرده است.

احمد عزیزی، مترجم و دیپلمات بازنشسته، سال ۱۳۲۲ در شهر قزوین زاده شد. او که در مدرسه عالی بازرگانی تهران و دانشگاه جورج واشینگتن آمریکا تحصیل کرده، سال‌ها در وزارت امور خارجه خدمت کرده است.

احمد عزیزی، مترجم و دیپلمات بازنشسته، سال ۱۳۲۲ در شهر قزوین زاده شد. او که در مدرسه عالی بازرگانی تهران و دانشگاه جورج واشینگتن آمریکا تحصیل کرده، سال‌ها در وزارت امور خارجه خدمت کرده است.

احمد عزیزی، مترجم و دیپلمات بازنشسته، سال ۱۳۲۲ در شهر قزوین زاده شد. او که در مدرسه عالی بازرگانی تهران و دانشگاه جورج واشینگتن آمریکا تحصیل کرده، سال‌ها در وزارت امور خارجه خدمت کرده است.

نیومی کلاین، «ممنون که دیر آمدید» اثر توماس فریدمن و «در باغ حیوانات» اثر اریک لارسن را به فارسی برگردانده است. اگر به ترجمه‌های عزیزی بنگریم، درمی‌یابیم که او با دقت آثاری را برمی‌گزیند که به سیاست جهانی و روابط بین‌الملل می‌پردازند.

نیومی کلاین، «ممنون که دیر آمدید» اثر توماس فریدمن و «در باغ حیوانات» اثر اریک لارسن را به فارسی برگردانده است. اگر به ترجمه‌های عزیزی بنگریم، درمی‌یابیم که او با دقت آثاری را برمی‌گزیند که به سیاست جهانی و روابط بین‌الملل می‌پردازند.

نیومی کلاین، «ممنون که دیر آمدید» اثر توماس فریدمن و «در باغ حیوانات» اثر اریک لارسن را به فارسی برگردانده است. اگر به ترجمه‌های عزیزی بنگریم، درمی‌یابیم که او با دقت آثاری را برمی‌گزیند که به سیاست جهانی و روابط بین‌الملل می‌پردازند.

نیومی کلاین، «ممنون که دیر آمدید» اثر توماس فریدمن و «در باغ حیوانات» اثر اریک لارسن را به فارسی برگردانده است. اگر به ترجمه‌های عزیزی بنگریم، درمی‌یابیم که او با دقت آثاری را برمی‌گزیند که به سیاست جهانی و روابط بین‌الملل می‌پردازند.

همچنین عزیزی که در جریان تسخیر سفارت آمریکا از مسئولان کارگروه آزادسازی اعضای سفارت بوده، خاطرات خودش را در کتابی با نام «شتای عمر» نوشته که هم ما را با زندگی او و هم با بخشی از تاریخ دیپلماسی ایران آشنا می‌کند.

همچنین عزیزی که در جریان تسخیر سفارت آمریکا از مسئولان کارگروه آزادسازی اعضای سفارت بوده، خاطرات خودش را در کتابی با نام «شتای عمر» نوشته که هم ما را با زندگی او و هم با بخشی از تاریخ دیپلماسی ایران آشنا می‌کند.

همچنین عزیزی که در جریان تسخیر سفارت آمریکا از مسئولان کارگروه آزادسازی اعضای سفارت بوده، خاطرات خودش را در کتابی با نام «شتای عمر» نوشته که هم ما را با زندگی او و هم با بخشی از تاریخ دیپلماسی ایران آشنا می‌کند.

همچنین عزیزی که در جریان تسخیر سفارت آمریکا از مسئولان کارگروه آزادسازی اعضای سفارت بوده، خاطرات خودش را در کتابی با نام «شتای عمر» نوشته که هم ما را با زندگی او و هم با بخشی از تاریخ دیپلماسی ایران آشنا می‌کند.

↑
احمد عزیزی و یوشکا فیشر، وزیر خارجه وقت آلمان

او در سال‌های خدمت در شبکه‌ای از روابط دیپلماتیک فعال بود و از نزدیک شاهد تحولات سیاست خارجی کشور بود.

او در سال‌های خدمت در شبکه‌ای از روابط دیپلماتیک فعال بود و از نزدیک شاهد تحولات سیاست خارجی کشور بود.

آینده قدرت
جهان پسا آمریکایی

کشورش برای من به عنوان یک خواننده جاذبه دارد. این جاذبه برای هم دوستانم در وزارت خارجه کشورمان و نیز همه کسانی که نقشی در دیپلماسی دارند، کمتر از من نیست.

کشورش برای من به عنوان یک خواننده جاذبه دارد. این جاذبه برای هم دوستانم در وزارت خارجه کشورمان و نیز همه کسانی که نقشی در دیپلماسی دارند، کمتر از من نیست.

کشورش برای من به عنوان یک خواننده جاذبه دارد. این جاذبه برای هم دوستانم در وزارت خارجه کشورمان و نیز همه کسانی که نقشی در دیپلماسی دارند، کمتر از من نیست.
